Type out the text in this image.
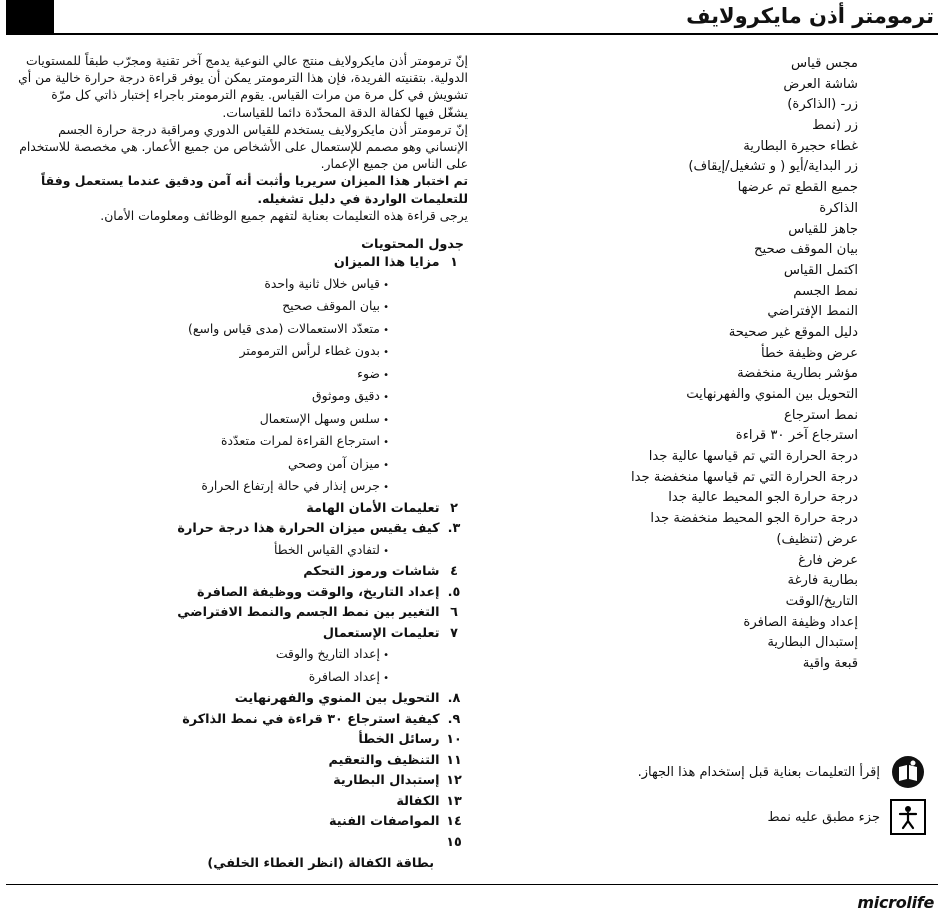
ترمومتر أذن مايكرولايف

إنّ ترمومتر أذن مايكرولايف منتج عالي النوعية يدمج آخر تقنية ومجرّب طبقاً للمستويات الدولية. بتقنيته الفريدة، فإن هذا الترمومتر يمكن أن يوفر قراءة درجة حرارة خالية من أي تشويش في كل مرة من مرات القياس. يقوم الترمومتر باجراء إختبار ذاتي كل مرّة يشغّل فيها لكفالة الدقة المحدّدة دائما للقياسات.

إنّ ترمومتر أذن مايكرولايف يستخدم للقياس الدوري ومراقبة درجة حرارة الجسم الإنساني وهو مصمم للإستعمال على الأشخاص من جميع الأعمار. هي مخصصة للاستخدام على الناس من جميع الإعمار.

تم اختبار هذا الميزان سريريا وأثبت أنه آمن ودقيق عندما يستعمل وفقاً للتعليمات الواردة في دليل تشغيله.

يرجى قراءة هذه التعليمات بعناية لتفهم جميع الوظائف ومعلومات الأمان.

جدول المحتويات
١ مزايا هذا الميزان
• قياس خلال ثانية واحدة
• بيان الموقف صحيح
• متعدّد الاستعمالات (مدى قياس واسع)
• بدون غطاء لرأس الترمومتر
• ضوء
• دقيق وموثوق
• سلس وسهل الإستعمال
• استرجاع القراءة لمرات متعدّدة
• ميزان آمن وصحي
• جرس إنذار في حالة إرتفاع الحرارة
٢ تعليمات الأمان الهامة
٣. كيف يقيس ميزان الحرارة هذا درجة حرارة
• لتفادي القياس الخطأ
٤ شاشات ورموز التحكم
٥. إعداد التاريخ، والوقت ووظيفة الصافرة
٦ التغيير بين نمط الجسم والنمط الافتراضي
٧ تعليمات الإستعمال
• إعداد التاريخ والوقت
• إعداد الصافرة
٨. التحويل بين المنوي والفهرنهايت
٩. كيفية استرجاع ٣٠ قراءة في نمط الذاكرة
١٠ رسائل الخطأ
١١ التنظيف والتعقيم
١٢ إستبدال البطارية
١٣ الكفالة
١٤ المواصفات الفنية
١٥
بطاقة الكفالة (انظر الغطاء الخلفي)
مجس قياس
شاشة العرض
زر- (الذاكرة)
زر (نمط
غطاء حجيرة البطارية
زر البداية/أيو ( و تشغيل/إيقاف)
جميع القطع تم عرضها
الذاكرة
جاهز للقياس
بيان الموقف صحيح
اكتمل القياس
نمط الجسم
النمط الإفتراضي
دليل الموقع غير صحيحة
عرض وظيفة خطأ
مؤشر بطارية منخفضة
التحويل بين المنوي والفهرنهايت
نمط استرجاع
استرجاع آخر ٣٠ قراءة
درجة الحرارة التي تم قياسها عالية جدا
درجة الحرارة التي تم قياسها منخفضة جدا
درجة حرارة الجو المحيط عالية جدا
درجة حرارة الجو المحيط منخفضة جدا
عرض (تنظيف)
عرض فارغ
بطارية فارغة
التاريخ/الوقت
إعداد وظيفة الصافرة
إستبدال البطارية
قبعة واقية
إقرأ التعليمات بعناية قبل إستخدام هذا الجهاز.
جزء مطبق عليه نمط
microlife
